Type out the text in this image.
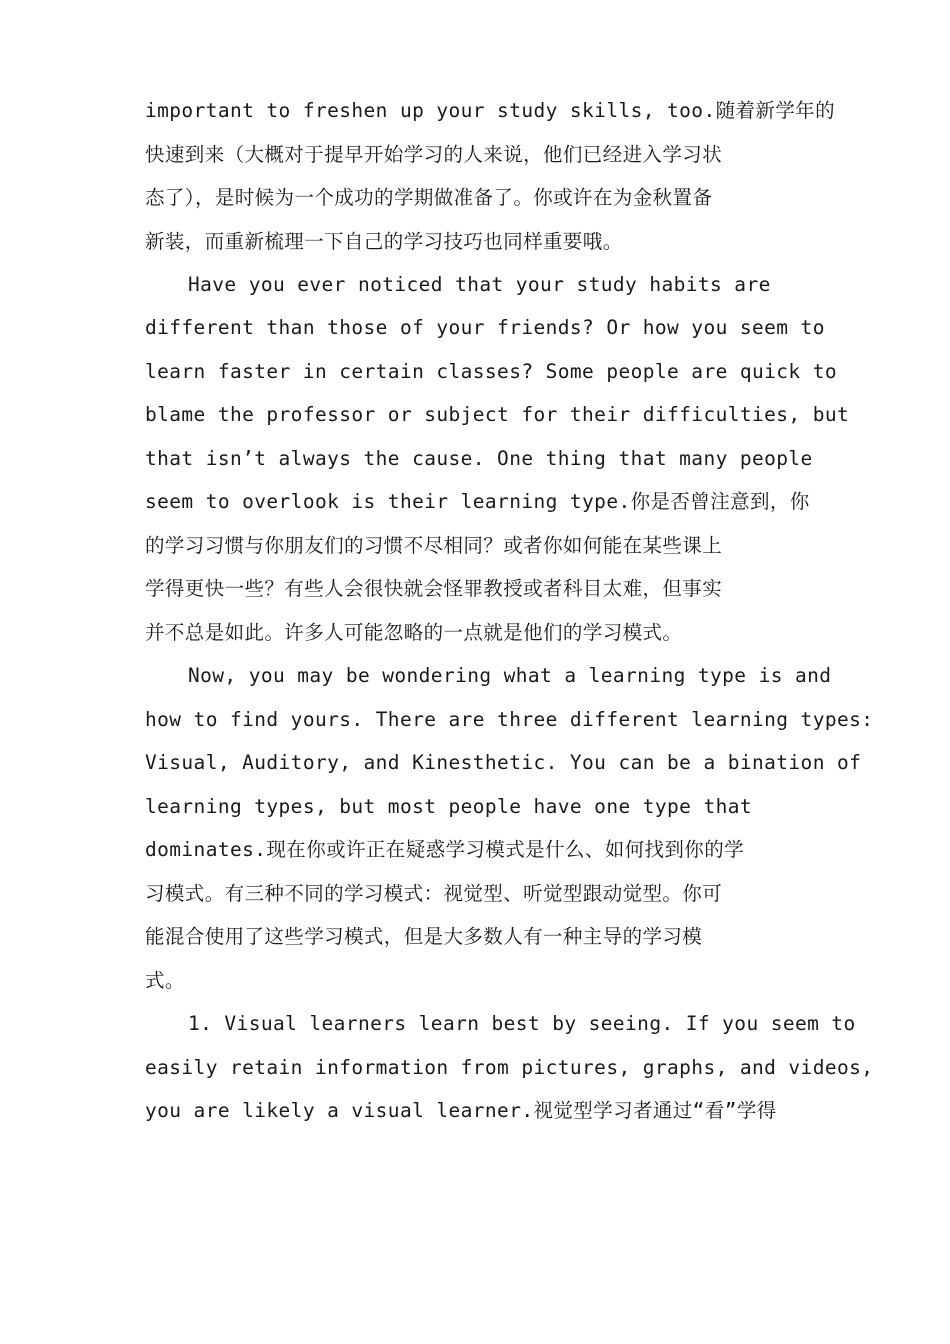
important to freshen up your study skills, too.随着新学年的
快速到来（大概对于提早开始学习的人来说，他们已经进入学习状
态了），是时候为一个成功的学期做准备了。你或许在为金秋置备
新装，而重新梳理一下自己的学习技巧也同样重要哦。
Have you ever noticed that your study habits are
different than those of your friends? Or how you seem to
learn faster in certain classes? Some people are quick to
blame the professor or subject for their difficulties, but
that isn’t always the cause. One thing that many people
seem to overlook is their learning type.你是否曾注意到，你
的学习习惯与你朋友们的习惯不尽相同？或者你如何能在某些课上
学得更快一些？有些人会很快就会怪罪教授或者科目太难，但事实
并不总是如此。许多人可能忽略的一点就是他们的学习模式。
Now, you may be wondering what a learning type is and
how to find yours. There are three different learning types:
Visual, Auditory, and Kinesthetic. You can be a bination of
learning types, but most people have one type that
dominates.现在你或许正在疑惑学习模式是什么、如何找到你的学
习模式。有三种不同的学习模式：视觉型、听觉型跟动觉型。你可
能混合使用了这些学习模式，但是大多数人有一种主导的学习模
式。
1. Visual learners learn best by seeing. If you seem to
easily retain information from pictures, graphs, and videos,
you are likely a visual learner.视觉型学习者通过“看”学得
